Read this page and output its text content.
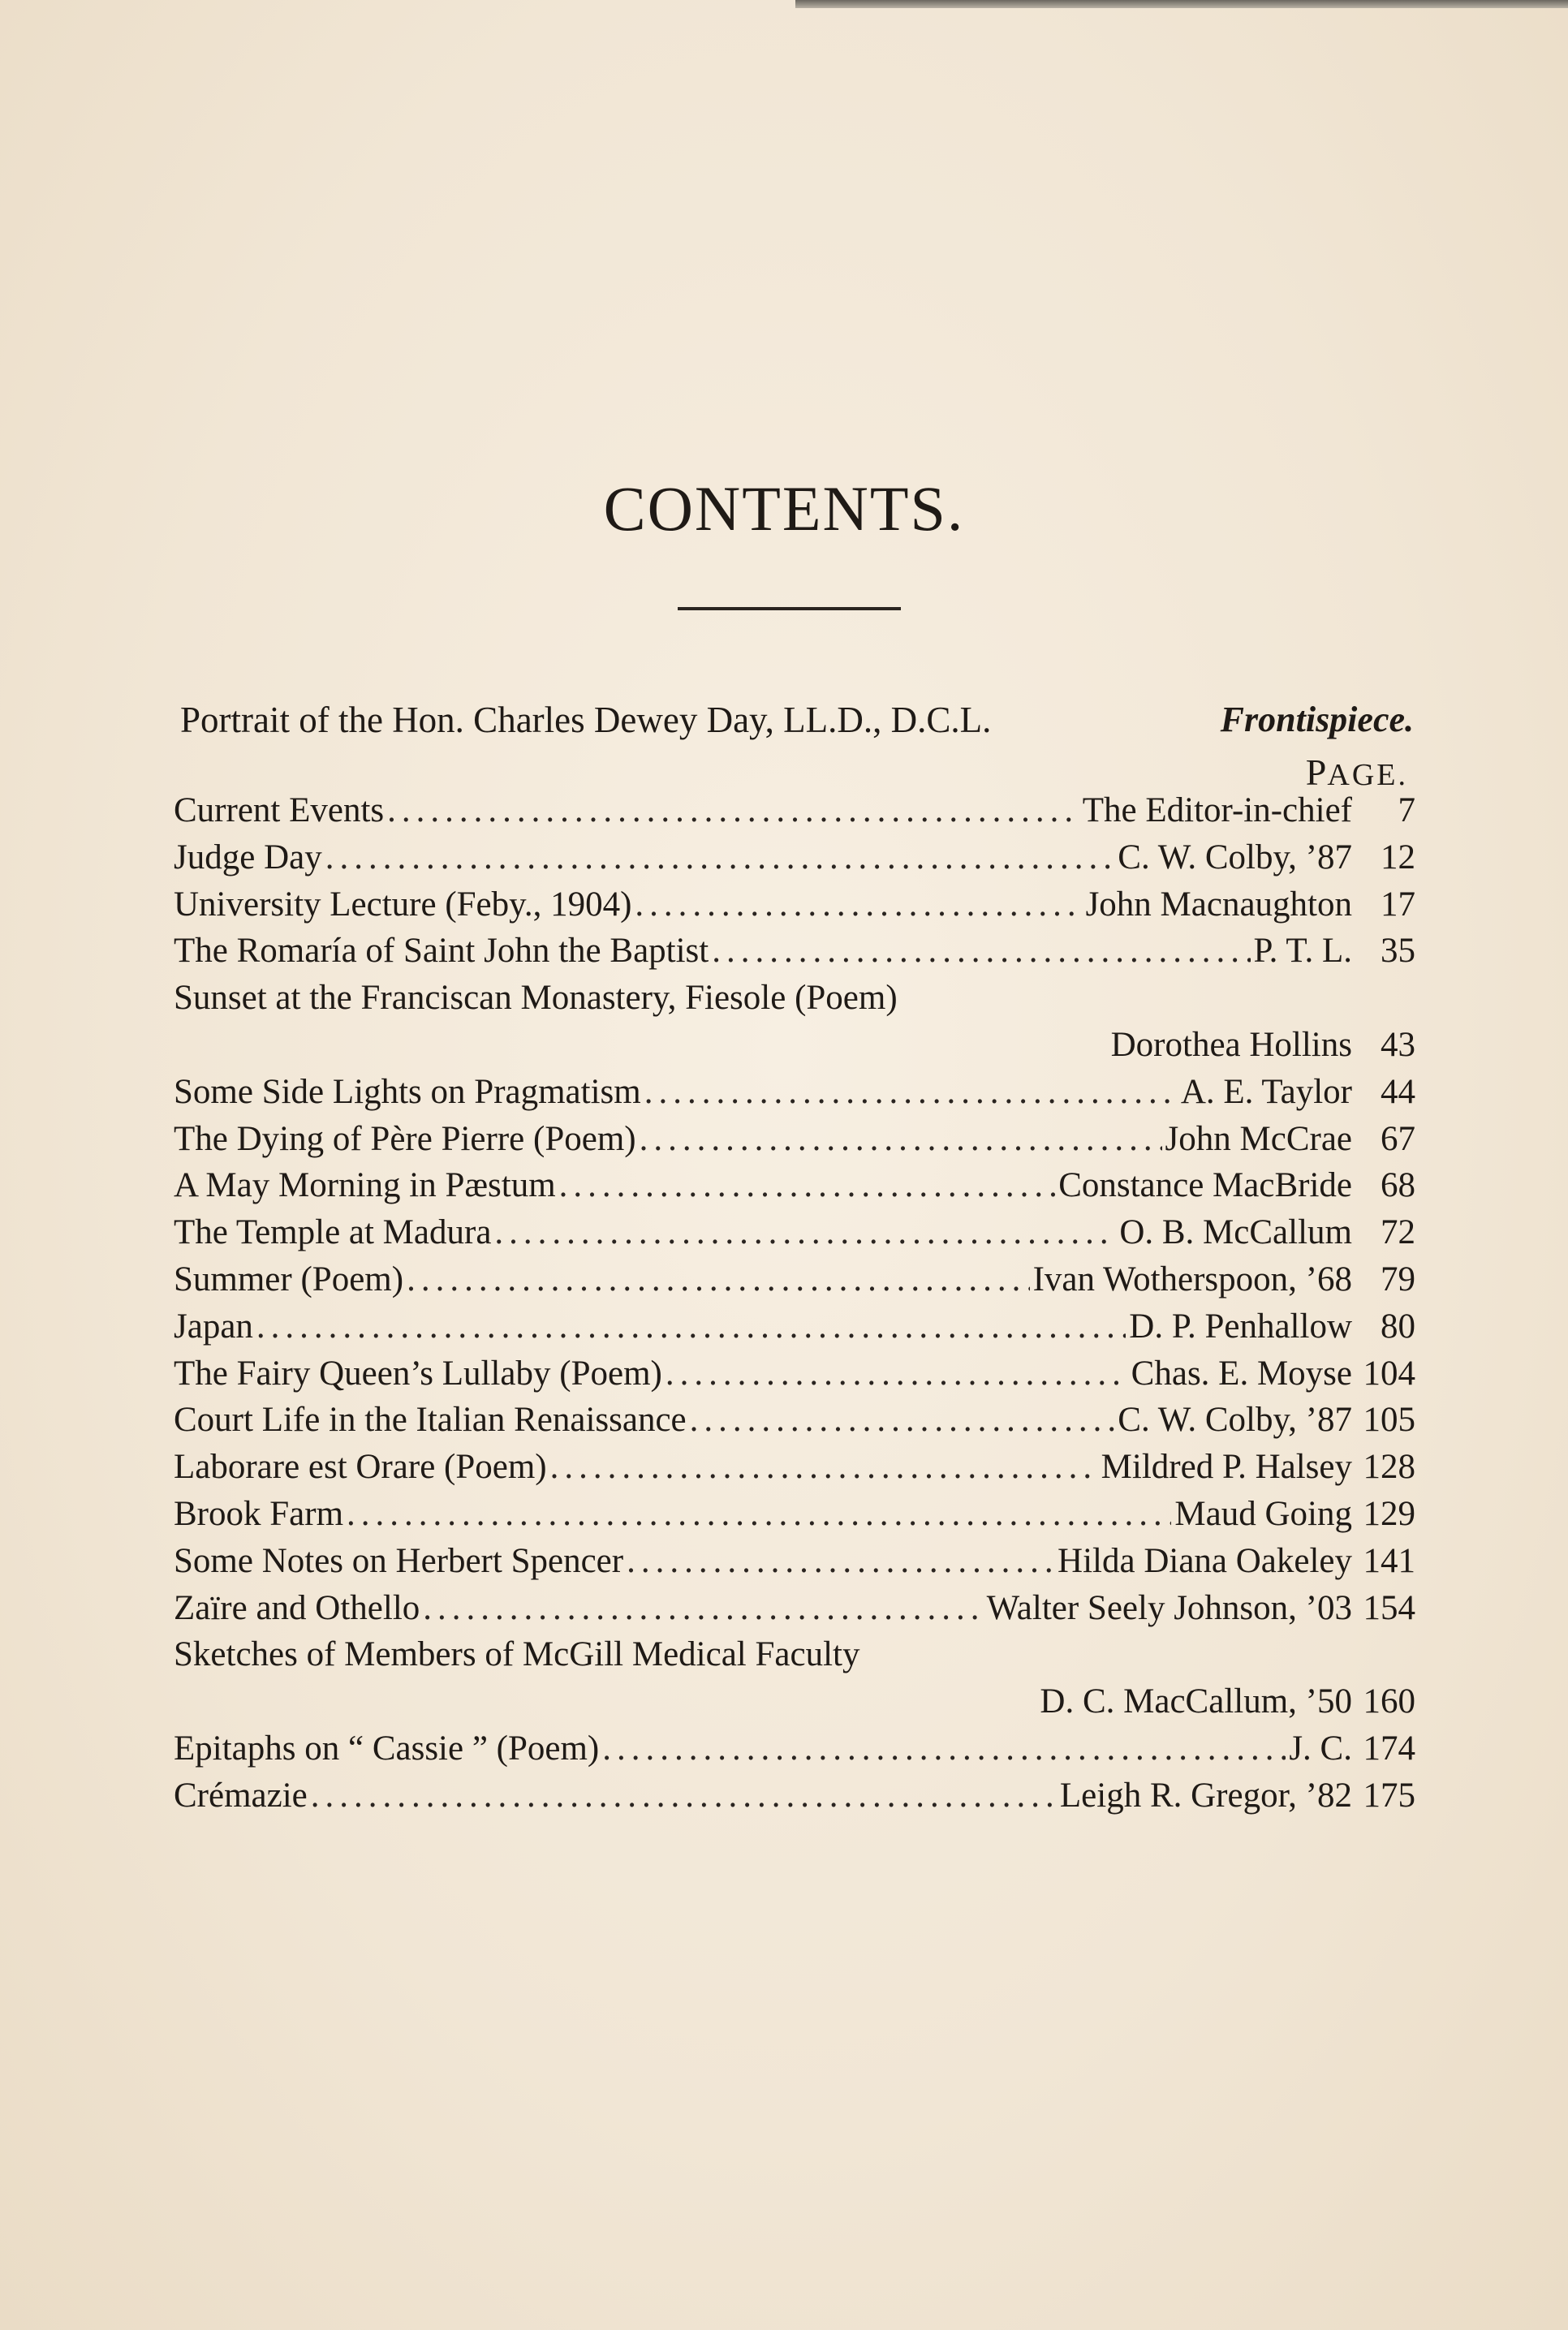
CONTENTS.
Portrait of the Hon. Charles Dewey Day, LL.D., D.C.L.	Frontispiece.
PAGE.
Current Events .....	The Editor-in-chief	7
Judge Day .....	C. W. Colby, ’87 12
University Lecture (Feby., 1904) .....	John Macnaughton 17
The Romaría of Saint John the Baptist .....	P. T. L. 35
Sunset at the Franciscan Monastery, Fiesole (Poem)
Dorothea Hollins 43
Some Side Lights on Pragmatism .....	A. E. Taylor 44
The Dying of Père Pierre (Poem) .....	John McCrae 67
A May Morning in Pæstum .....	Constance MacBride 68
The Temple at Madura .....	O. B. McCallum 72
Summer (Poem) .....	Ivan Wotherspoon, ’68 79
Japan .....	D. P. Penhallow 80
The Fairy Queen’s Lullaby (Poem) .....	Chas. E. Moyse 104
Court Life in the Italian Renaissance .....	C. W. Colby, ’87 105
Laborare est Orare (Poem) .....	Mildred P. Halsey 128
Brook Farm .....	Maud Going 129
Some Notes on Herbert Spencer .....	Hilda Diana Oakeley 141
Zaïre and Othello .....	Walter Seely Johnson, ’03 154
Sketches of Members of McGill Medical Faculty
D. C. MacCallum, ’50 160
Epitaphs on “ Cassie ” (Poem) .....	J. C. 174
Crémazie .....	Leigh R. Gregor, ’82 175
